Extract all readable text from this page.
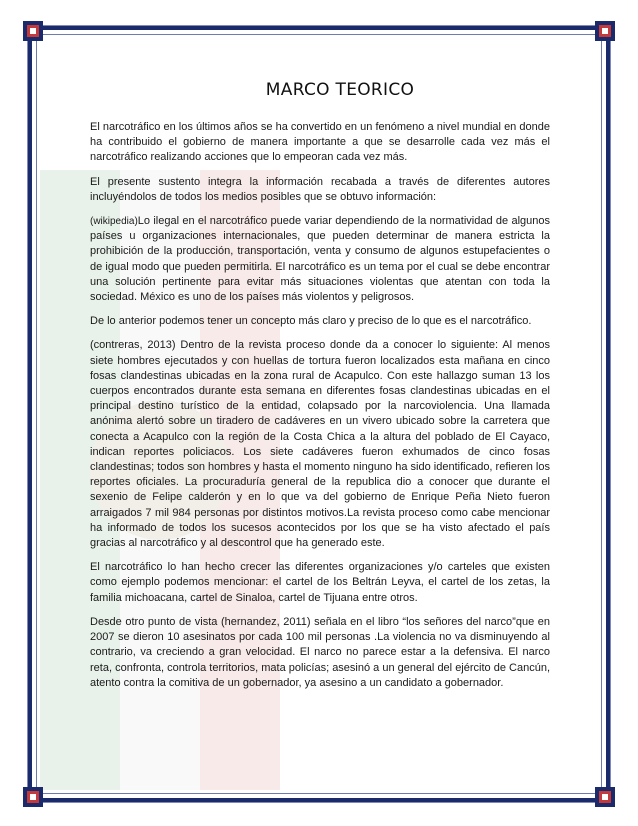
MARCO TEORICO

El narcotráfico en los últimos años se ha convertido en un fenómeno a nivel mundial en donde ha contribuido el gobierno de manera importante a que se desarrolle cada vez más el narcotráfico realizando acciones que lo empeoran cada vez más.

El presente sustento integra la información recabada a través de diferentes autores incluyéndolos de todos los medios posibles que se obtuvo información:

(wikipedia)Lo ilegal en el narcotráfico puede variar dependiendo de la normatividad de algunos países u organizaciones internacionales, que pueden determinar de manera estricta la prohibición de la producción, transportación, venta y consumo de algunos estupefacientes o de igual modo que pueden permitirla. El narcotráfico es un tema por el cual se debe encontrar una solución pertinente para evitar más situaciones violentas que atentan con toda la sociedad. México es uno de los países más violentos y peligrosos.

De lo anterior podemos tener un concepto más claro y preciso de lo que es el narcotráfico.

(contreras, 2013) Dentro de la revista proceso donde da a conocer lo siguiente: Al menos siete hombres ejecutados y con huellas de tortura fueron localizados esta mañana en cinco fosas clandestinas ubicadas en la zona rural de Acapulco. Con este hallazgo suman 13 los cuerpos encontrados durante esta semana en diferentes fosas clandestinas ubicadas en el principal destino turístico de la entidad, colapsado por la narcoviolencia. Una llamada anónima alertó sobre un tiradero de cadáveres en un vivero ubicado sobre la carretera que conecta a Acapulco con la región de la Costa Chica a la altura del poblado de El Cayaco, indican reportes policiacos. Los siete cadáveres fueron exhumados de cinco fosas clandestinas; todos son hombres y hasta el momento ninguno ha sido identificado, refieren los reportes oficiales. La procuraduría general de la republica dio a conocer que durante el sexenio de Felipe calderón y en lo que va del gobierno de Enrique Peña Nieto fueron arraigados 7 mil 984 personas por distintos motivos.La revista proceso como cabe mencionar ha informado de todos los sucesos acontecidos por los que se ha visto afectado el país gracias al narcotráfico y al descontrol que ha generado este.

El narcotráfico lo han hecho crecer las diferentes organizaciones y/o carteles que existen como ejemplo podemos mencionar: el cartel de los Beltrán Leyva, el cartel de los zetas, la familia michoacana, cartel de Sinaloa, cartel de Tijuana entre otros.

Desde otro punto de vista (hernandez, 2011) señala en el libro “los señores del narco”que en 2007 se dieron 10 asesinatos por cada 100 mil personas .La violencia no va disminuyendo al contrario, va creciendo a gran velocidad. El narco no parece estar a la defensiva. El narco reta, confronta, controla territorios, mata policías; asesinó a un general del ejército de Cancún, atento contra la comitiva de un gobernador, ya asesino a un candidato a gobernador.
